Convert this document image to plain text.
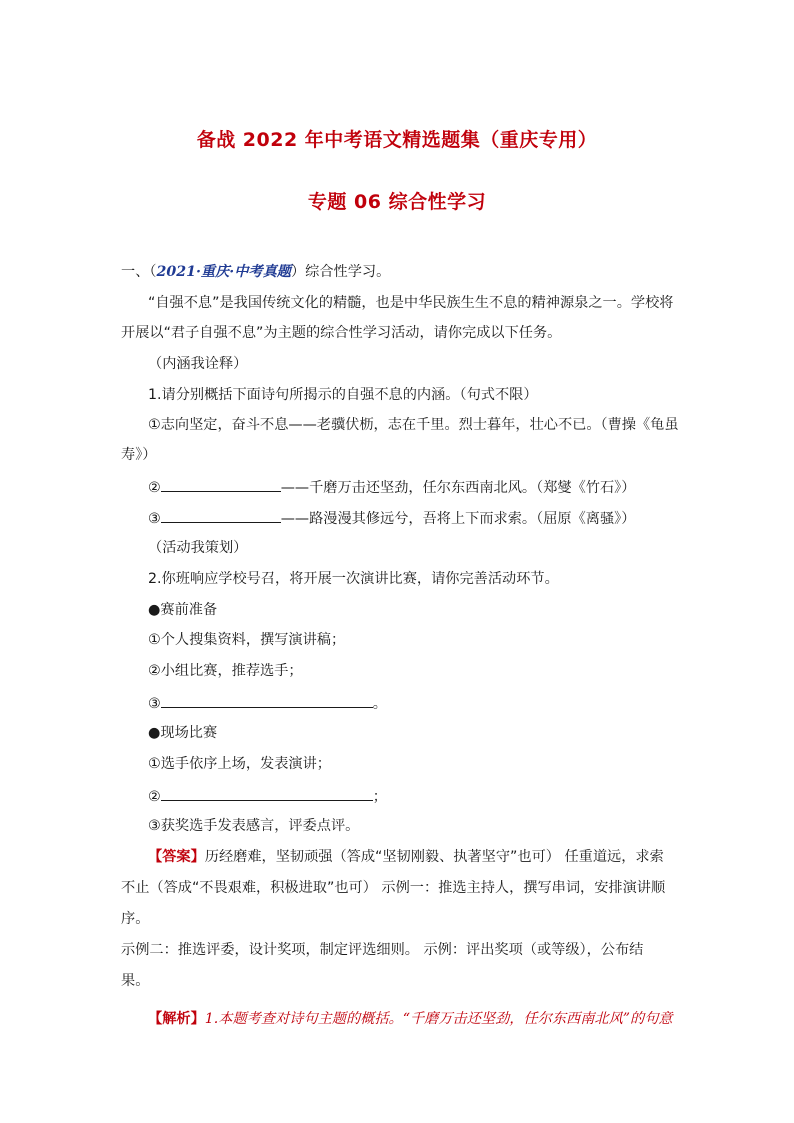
备战 2022 年中考语文精选题集（重庆专用）
专题 06 综合性学习
一、（2021·重庆·中考真题）综合性学习。
“自强不息”是我国传统文化的精髓，也是中华民族生生不息的精神源泉之一。学校将
开展以“君子自强不息”为主题的综合性学习活动，请你完成以下任务。
（内涵我诠释）
1.请分别概括下面诗句所揭示的自强不息的内涵。（句式不限）
①志向坚定，奋斗不息——老骥伏枥，志在千里。烈士暮年，壮心不已。（曹操《龟虽
寿》）
②	——千磨万击还坚劲，任尔东西南北风。（郑燮《竹石》）
③	——路漫漫其修远兮，吾将上下而求索。（屈原《离骚》）
（活动我策划）
2.你班响应学校号召，将开展一次演讲比赛，请你完善活动环节。
●赛前准备
①个人搜集资料，撰写演讲稿；
②小组比赛，推荐选手；
③	。
●现场比赛
①选手依序上场，发表演讲；
②	；
③获奖选手发表感言，评委点评。
【答案】历经磨难，坚韧顽强（答成“坚韧刚毅、执著坚守”也可） 任重道远，求索
不止（答成“不畏艰难，积极进取”也可） 示例一：推选主持人，撰写串词，安排演讲顺
序。
示例二：推选评委，设计奖项，制定评选细则。 示例：评出奖项（或等级），公布结
果。
【解析】1.本题考查对诗句主题的概括。“千磨万击还坚劲，任尔东西南北风”的句意
